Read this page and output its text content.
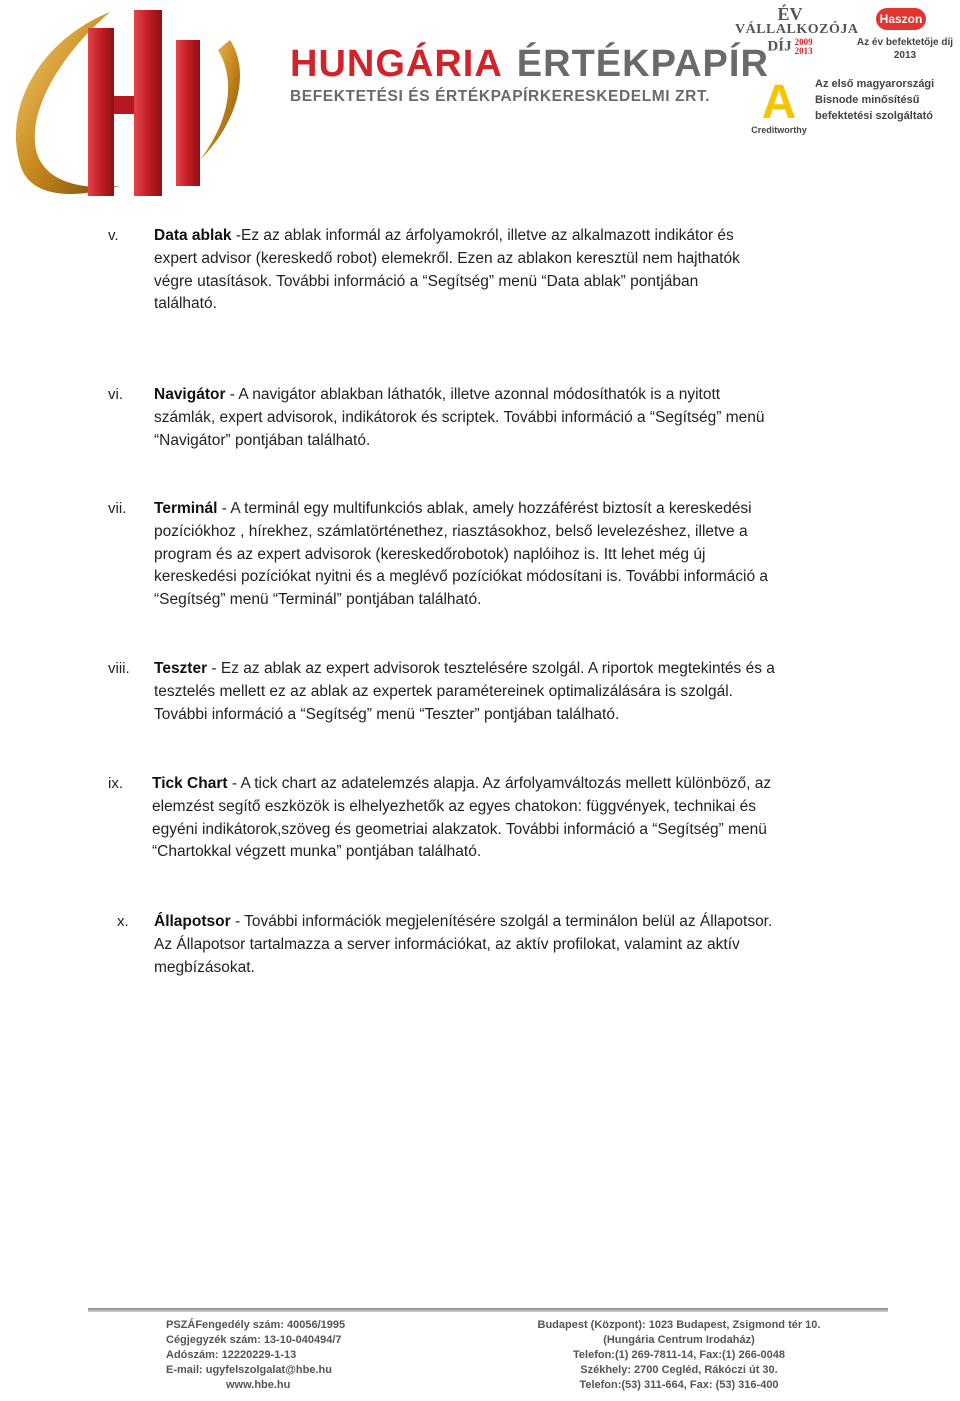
HUNGÁRIA ÉRTÉKPAPÍR
BEFEKTETÉSI ÉS ÉRTÉKPAPÍRKERESKEDELMI ZRT.
ÉV
VÁLLALKOZÓJA
DÍJ 2009
2013
Haszon
Az év befektetője díj
2013
A
Creditworthy
Az első magyarországi
Bisnode minősítésű
befektetési szolgáltató
v. Data ablak -Ez az ablak informál az árfolyamokról, illetve az alkalmazott indikátor és
expert advisor (kereskedő robot) elemekről. Ezen az ablakon keresztül nem hajthatók
végre utasítások. További információ a “Segítség” menü “Data ablak” pontjában
található.
vi. Navigátor - A navigátor ablakban láthatók, illetve azonnal módosíthatók is a nyitott
számlák, expert advisorok, indikátorok és scriptek. További információ a “Segítség” menü
“Navigátor” pontjában található.
vii. Terminál - A terminál egy multifunkciós ablak, amely hozzáférést biztosít a kereskedési
pozíciókhoz , hírekhez, számlatörténethez, riasztásokhoz, belső levelezéshez, illetve a
program és az expert advisorok (kereskedőrobotok) naplóihoz is. Itt lehet még új
kereskedési pozíciókat nyitni és a meglévő pozíciókat módosítani is. További információ a
“Segítség” menü “Terminál” pontjában található.
viii. Teszter - Ez az ablak az expert advisorok tesztelésére szolgál. A riportok megtekintés és a
tesztelés mellett ez az ablak az expertek paramétereinek optimalizálására is szolgál.
További információ a “Segítség” menü “Teszter” pontjában található.
ix. Tick Chart - A tick chart az adatelemzés alapja. Az árfolyamváltozás mellett különböző, az
elemzést segítő eszközök is elhelyezhetők az egyes chatokon: függvények, technikai és
egyéni indikátorok,szöveg és geometriai alakzatok. További információ a “Segítség” menü
“Chartokkal végzett munka” pontjában található.
x. Állapotsor - További információk megjelenítésére szolgál a terminálon belül az Állapotsor.
Az Állapotsor tartalmazza a server információkat, az aktív profilokat, valamint az aktív
megbízásokat.
PSZÁFengedély szám: 40056/1995
Cégjegyzék szám: 13-10-040494/7
Adószám: 12220229-1-13
E-mail: ugyfelszolgalat@hbe.hu
www.hbe.hu
Budapest (Központ): 1023 Budapest, Zsigmond tér 10.
(Hungária Centrum Irodaház)
Telefon:(1) 269-7811-14, Fax:(1) 266-0048
Székhely: 2700 Cegléd, Rákóczi út 30.
Telefon:(53) 311-664, Fax: (53) 316-400
